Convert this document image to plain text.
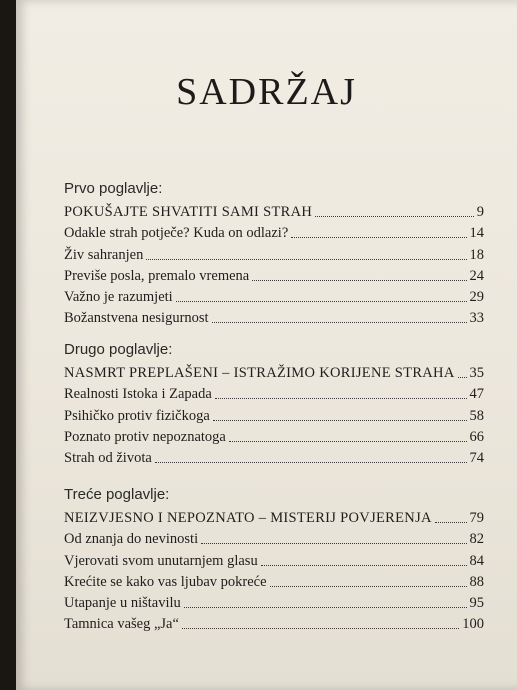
SADRŽAJ
Prvo poglavlje:
POKUŠAJTE SHVATITI SAMI STRAH	9
Odakle strah potječe? Kuda on odlazi?	14
Živ sahranjen	18
Previše posla, premalo vremena	24
Važno je razumjeti	29
Božanstvena nesigurnost	33
Drugo poglavlje:
NASMRT PREPLAŠENI – ISTRAŽIMO KORIJENE STRAHA 35
Realnosti Istoka i Zapada	47
Psihičko protiv fizičkoga	58
Poznato protiv nepoznatoga	66
Strah od života	74
Treće poglavlje:
NEIZVJESNO I NEPOZNATO – MISTERIJ POVJERENJA	79
Od znanja do nevinosti	82
Vjerovati svom unutarnjem glasu	84
Krećite se kako vas ljubav pokreće	88
Utapanje u ništavilu	95
Tamnica vašeg „Ja“	100
